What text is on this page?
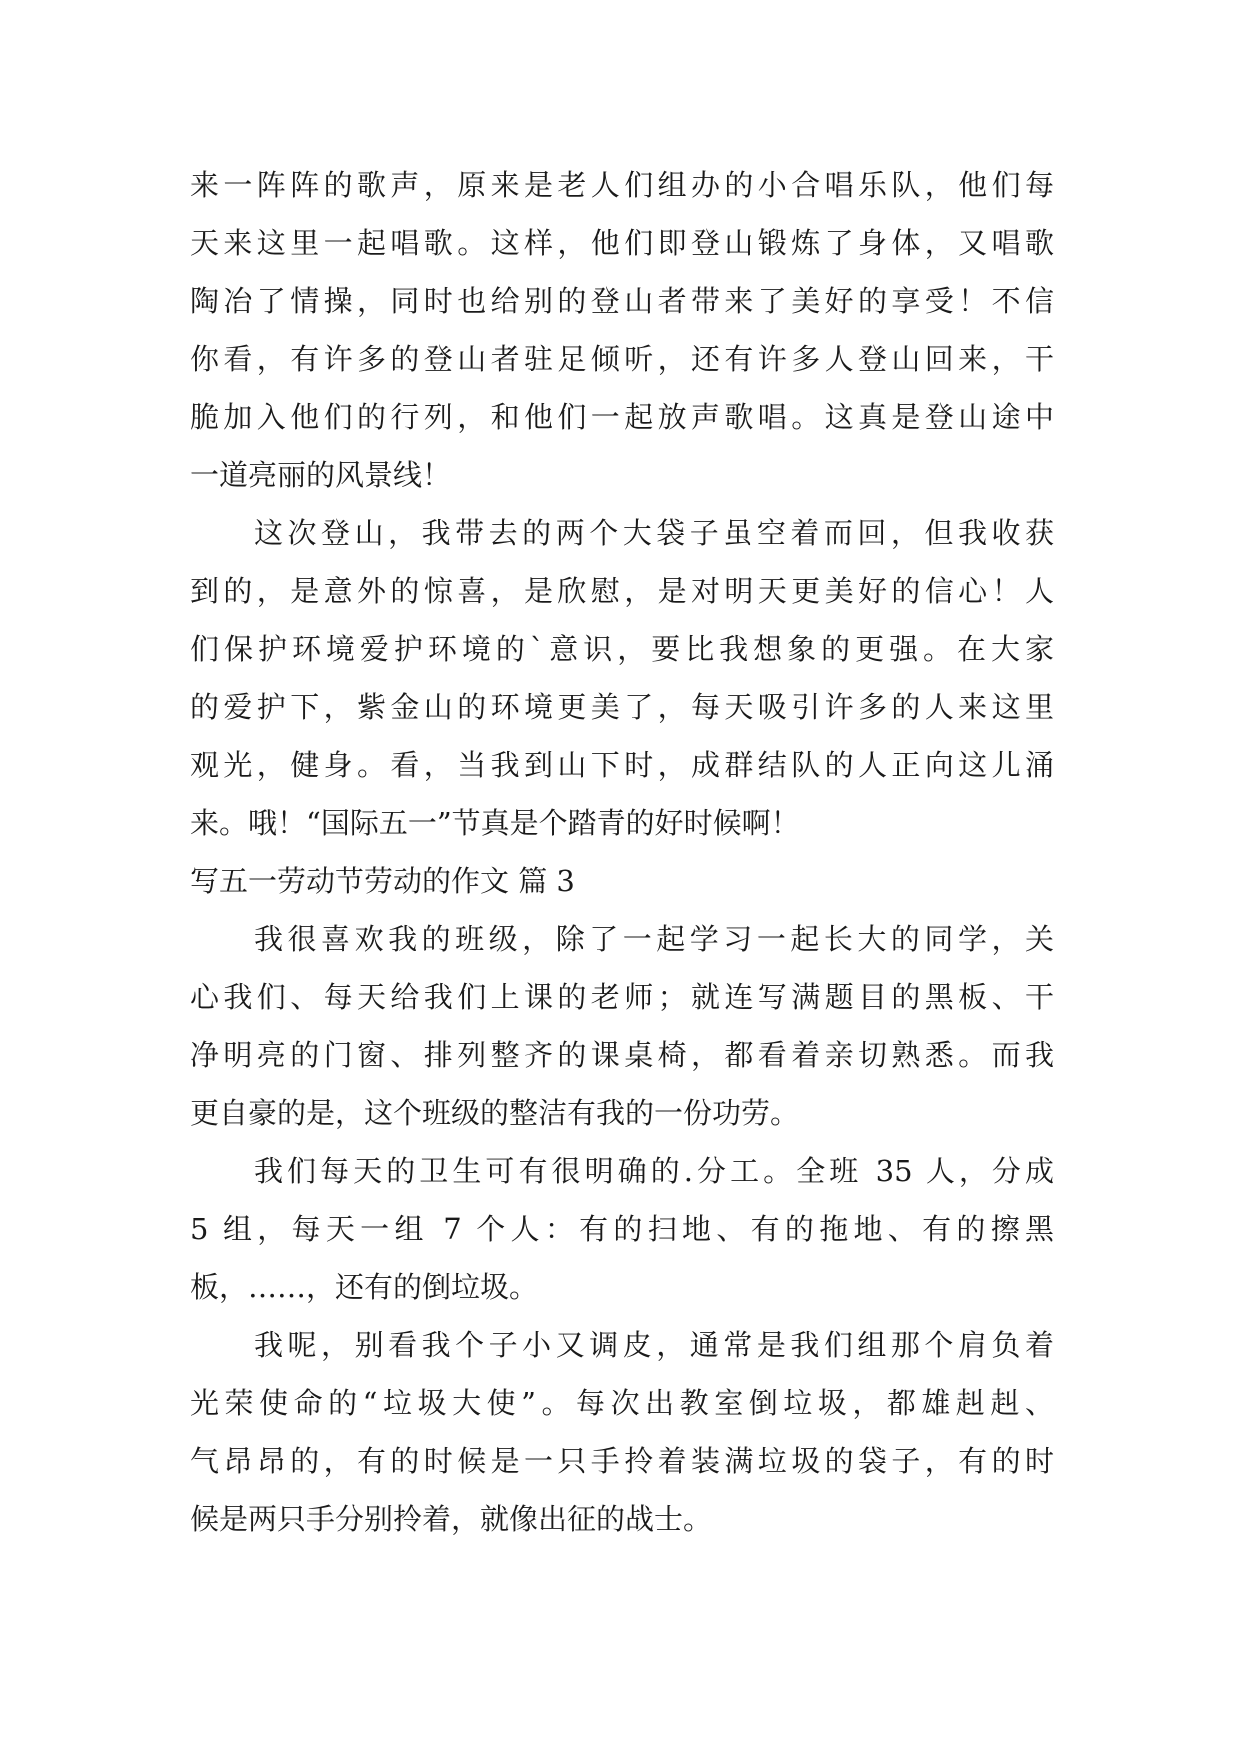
来一阵阵的歌声，原来是老人们组办的小合唱乐队，他们每
天来这里一起唱歌。这样，他们即登山锻炼了身体，又唱歌
陶冶了情操，同时也给别的登山者带来了美好的享受！不信
你看，有许多的登山者驻足倾听，还有许多人登山回来，干
脆加入他们的行列，和他们一起放声歌唱。这真是登山途中
一道亮丽的风景线！
这次登山，我带去的两个大袋子虽空着而回，但我收获
到的，是意外的惊喜，是欣慰，是对明天更美好的信心！人
们保护环境爱护环境的`意识，要比我想象的更强。在大家
的爱护下，紫金山的环境更美了，每天吸引许多的人来这里
观光，健身。看，当我到山下时，成群结队的人正向这儿涌
来。哦！“国际五一”节真是个踏青的好时候啊！
写五一劳动节劳动的作文 篇 3
我很喜欢我的班级，除了一起学习一起长大的同学，关
心我们、每天给我们上课的老师；就连写满题目的黑板、干
净明亮的门窗、排列整齐的课桌椅，都看着亲切熟悉。而我
更自豪的是，这个班级的整洁有我的一份功劳。
我们每天的卫生可有很明确的.分工。全班 35 人，分成
5 组，每天一组 7 个人：有的扫地、有的拖地、有的擦黑
板，……，还有的倒垃圾。
我呢，别看我个子小又调皮，通常是我们组那个肩负着
光荣使命的“垃圾大使”。每次出教室倒垃圾，都雄赳赳、
气昂昂的，有的时候是一只手拎着装满垃圾的袋子，有的时
候是两只手分别拎着，就像出征的战士。
